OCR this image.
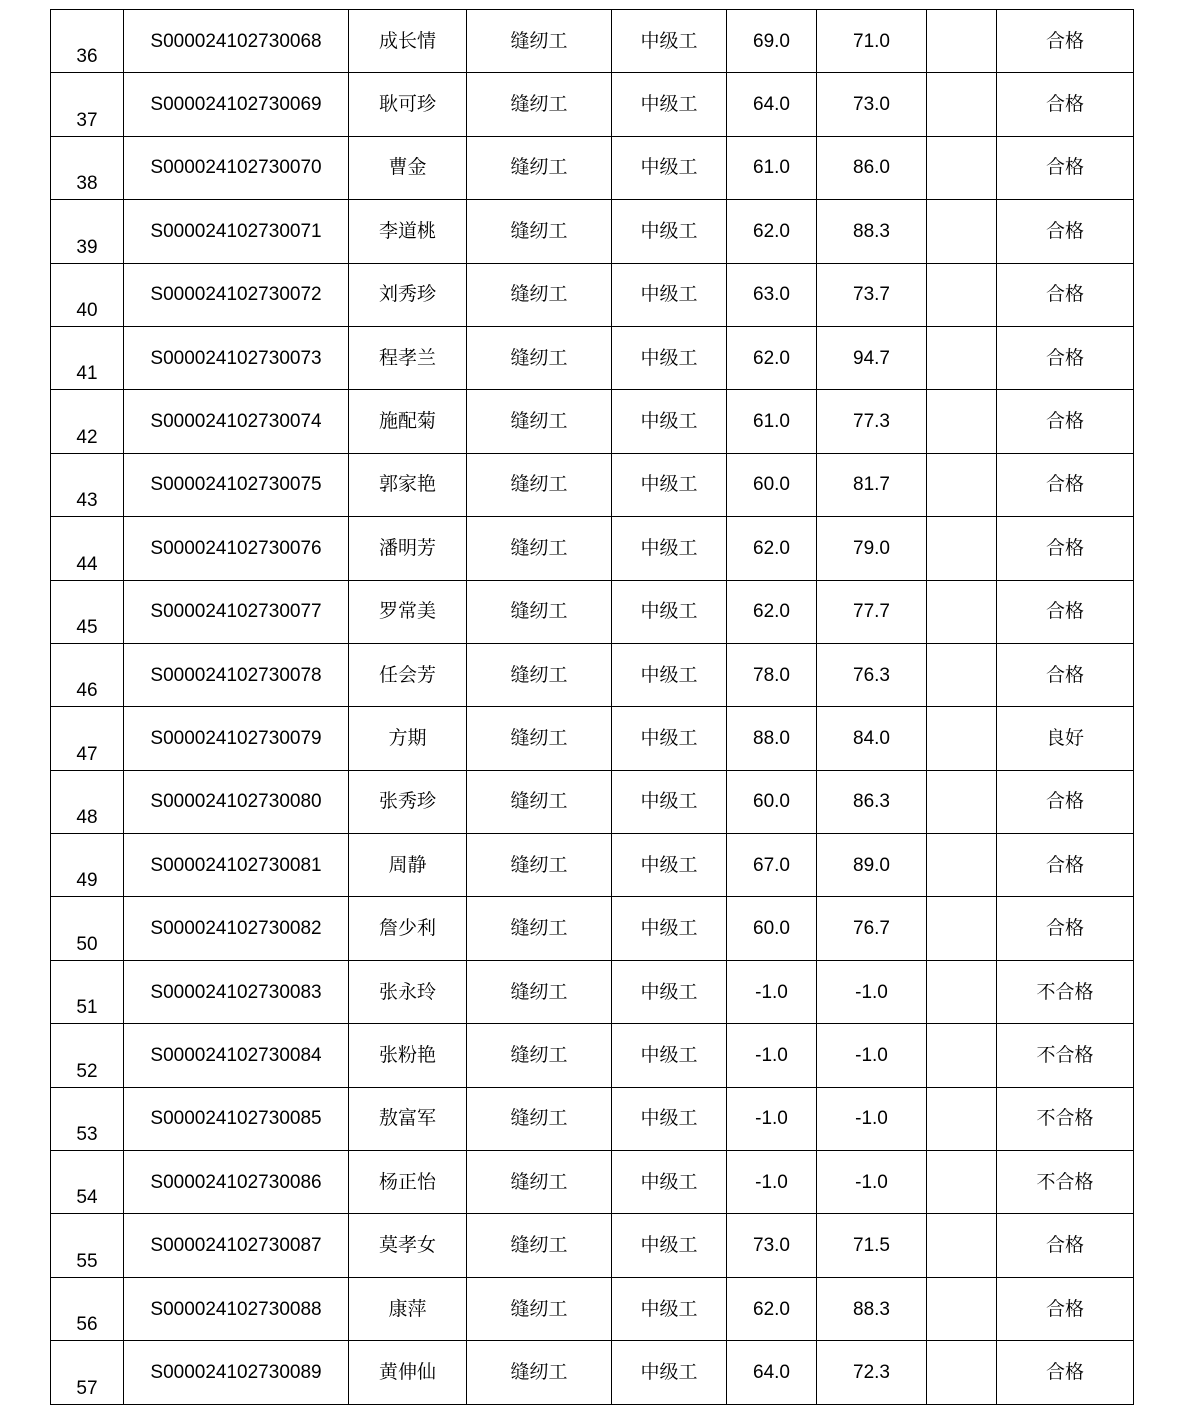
36	S000024102730068	成长情	缝纫工	中级工	69.0	71.0		合格
37	S000024102730069	耿可珍	缝纫工	中级工	64.0	73.0		合格
38	S000024102730070	曹金	缝纫工	中级工	61.0	86.0		合格
39	S000024102730071	李道桃	缝纫工	中级工	62.0	88.3		合格
40	S000024102730072	刘秀珍	缝纫工	中级工	63.0	73.7		合格
41	S000024102730073	程孝兰	缝纫工	中级工	62.0	94.7		合格
42	S000024102730074	施配菊	缝纫工	中级工	61.0	77.3		合格
43	S000024102730075	郭家艳	缝纫工	中级工	60.0	81.7		合格
44	S000024102730076	潘明芳	缝纫工	中级工	62.0	79.0		合格
45	S000024102730077	罗常美	缝纫工	中级工	62.0	77.7		合格
46	S000024102730078	任会芳	缝纫工	中级工	78.0	76.3		合格
47	S000024102730079	方期	缝纫工	中级工	88.0	84.0		良好
48	S000024102730080	张秀珍	缝纫工	中级工	60.0	86.3		合格
49	S000024102730081	周静	缝纫工	中级工	67.0	89.0		合格
50	S000024102730082	詹少利	缝纫工	中级工	60.0	76.7		合格
51	S000024102730083	张永玲	缝纫工	中级工	-1.0	-1.0		不合格
52	S000024102730084	张粉艳	缝纫工	中级工	-1.0	-1.0		不合格
53	S000024102730085	敖富军	缝纫工	中级工	-1.0	-1.0		不合格
54	S000024102730086	杨正怡	缝纫工	中级工	-1.0	-1.0		不合格
55	S000024102730087	莫孝女	缝纫工	中级工	73.0	71.5		合格
56	S000024102730088	康萍	缝纫工	中级工	62.0	88.3		合格
57	S000024102730089	黄伸仙	缝纫工	中级工	64.0	72.3		合格
